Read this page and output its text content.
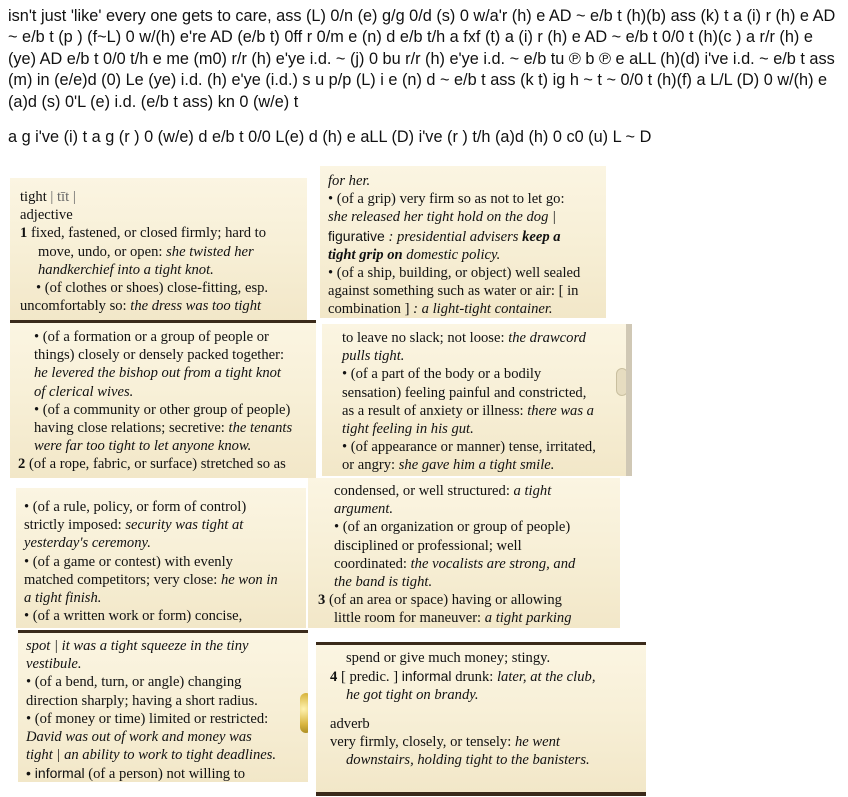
isn't just 'like' every one gets to care, ass (L) 0/n (e) g/g 0/d (s) 0 w/a'r (h) e AD ~ e/b t (h)(b) ass (k) t a (i) r (h) e AD ~ e/b t (p ) (f~L) 0 w/(h) e're AD (e/b t) 0ff r 0/m e (n) d e/b t/h a fxf (t) a (i) r (h) e AD ~ e/b t 0/0 t (h)(c ) a r/r (h) e (ye) AD e/b t 0/0 t/h e me (m0) r/r (h) e'ye i.d. ~ (j) 0 bu r/r (h) e'ye i.d. ~ e/b tu ℗ b ℗ e aLL (h)(d) i've i.d. ~ e/b t ass (m) in (e/e)d (0) Le (ye) i.d. (h) e'ye (i.d.) s u p/p (L) i e (n) d ~ e/b t ass (k t) ig h ~ t ~ 0/0 t (h)(f) a L/L (D) 0 w/(h) e (a)d (s) 0'L (e) i.d. (e/b t ass) kn 0 (w/e) t

a g i've (i) t a g (r ) 0 (w/e) d e/b t 0/0 L(e) d (h) e aLL (D) i've (r ) t/h (a)d (h) 0 c0 (u) L ~ D

tight | tīt |
adjective
1 fixed, fastened, or closed firmly; hard to
move, undo, or open: she twisted her
handkerchief into a tight knot.
• (of clothes or shoes) close-fitting, esp.
uncomfortably so: the dress was too tight
for her.
• (of a grip) very firm so as not to let go:
she released her tight hold on the dog |
figurative : presidential advisers keep a
tight grip on domestic policy.
• (of a ship, building, or object) well sealed
against something such as water or air: [ in
combination ] : a light-tight container.
• (of a formation or a group of people or
things) closely or densely packed together:
he levered the bishop out from a tight knot
of clerical wives.
• (of a community or other group of people)
having close relations; secretive: the tenants
were far too tight to let anyone know.
2 (of a rope, fabric, or surface) stretched so as
to leave no slack; not loose: the drawcord
pulls tight.
• (of a part of the body or a bodily
sensation) feeling painful and constricted,
as a result of anxiety or illness: there was a
tight feeling in his gut.
• (of appearance or manner) tense, irritated,
or angry: she gave him a tight smile.
• (of a rule, policy, or form of control)
strictly imposed: security was tight at
yesterday's ceremony.
• (of a game or contest) with evenly
matched competitors; very close: he won in
a tight finish.
• (of a written work or form) concise,
condensed, or well structured: a tight
argument.
• (of an organization or group of people)
disciplined or professional; well
coordinated: the vocalists are strong, and
the band is tight.
3 (of an area or space) having or allowing
little room for maneuver: a tight parking
spot | it was a tight squeeze in the tiny
vestibule.
• (of a bend, turn, or angle) changing
direction sharply; having a short radius.
• (of money or time) limited or restricted:
David was out of work and money was
tight | an ability to work to tight deadlines.
• informal (of a person) not willing to
spend or give much money; stingy.
4 [ predic. ] informal drunk: later, at the club,
he got tight on brandy.
adverb
very firmly, closely, or tensely: he went
downstairs, holding tight to the banisters.
